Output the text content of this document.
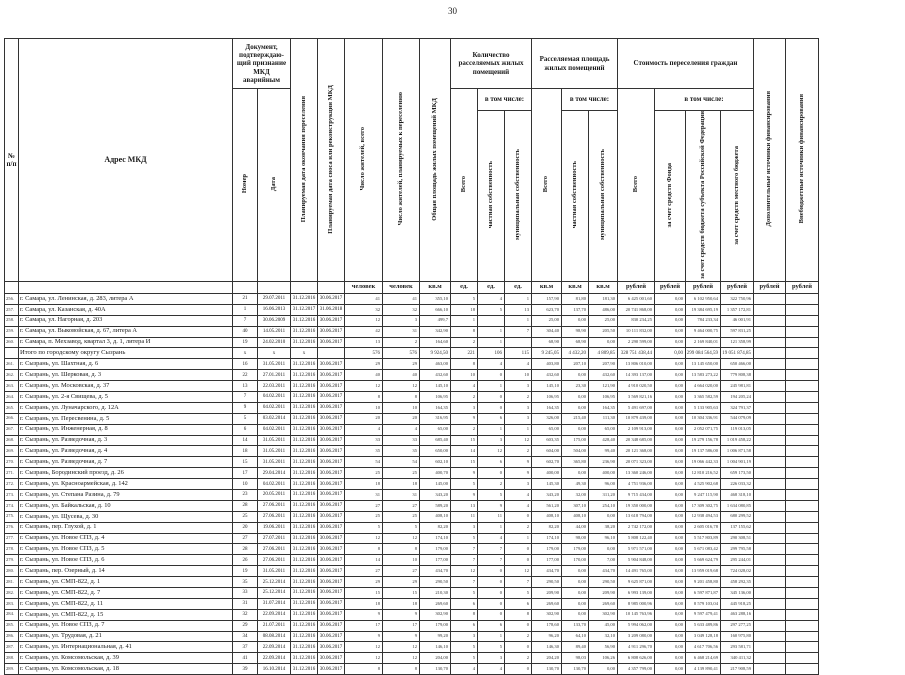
30
№ п/п	Адрес МКД	Документ, подтверждаю-щий признание МКД аварийным		Планируемая дата окончания переселения	Планируемая дата сноса или реконструкции МКД	Число жителей, всего	Число жителей, планируемых к переселению	Общая площадь жилых помещений МКД	Количество расселяемых жилых помещений			Расселяемая площадь жилых помещений			Стоимость переселения граждан				Дополнительные источники финансирования	Внебюджетные источники финансирования
		Номер	Дата						Всего	в том числе:		Всего	в том числе:		Всего	в том числе:				

										частная собственность	муниципальная собственность		частная собственность	муниципальная собственность		за счет средств Фонда	за счет средств бюджета субъекта Российской Федерации	за счет средств местного бюджета		
						человек	человек	кв.м	ед.	ед.	ед.	кв.м	кв.м	кв.м	рублей	рублей	рублей	рублей	рублей	рублей
256.	г. Самара, ул. Ленинская, д. 283, литера А	21	29.07.2011	31.12.2016	30.06.2017	41	41	355,10	5	4	1	157,90	81,80	181,30	6 425 001,60	0,00	6 102 950,64	322 750,96		
257.	г. Самара, ул. Казанская, д. 40А	1	16.06.2013	31.12.2017	31.06.2018	32	32	666,10	18	5	13	623,70	137,70	486,00	20 741 868,00	0,00	19 384 695,19	1 357 172,81		
258.	г. Самара, ул. Нагорная, д. 203	7	30.06.2009	31.12.2016	30.06.2017	12	3	499,7	1		1	25,00	0,00	25,00	830 234,25	0,00	784 233,34	46 001,91		
259.	г. Самара, ул. Выковойская, д. 67, литера А	40	14.05.2011	31.12.2016	30.06.2017	42	31	342,90	8	1	7	304,40	98,90	205,50	10 111 832,00	0,00	9 464 000,75	597 831,25		
260.	г. Самара, п. Мехзавод, квартал 3, д. 1, литера И	19	24.02.2010	31.12.2016	30.06.2017	13	2	164,60	2	1		68,90	68,90	0,00	2 290 599,00	0,00	2 169 840,01	121 358,99		
	Итого по городскому округу Сызрань	x	x	x		576	576	9 924,50	221	106	115	9 245,05	4 432,20	4 809,85	328 751 438,44	0,00	299 084 564,59	19 051 874,85		
261.	г. Сызрань, ул. Шахтная, д. 6	16	31.05.2011	31.12.2016	30.06.2017	29	29	463,00	8	4	4	403,80	207,10	207,90	13 806 010,00	0,00	13 145 650,00	650 466,00		
262.	г. Сызрань, ул. Шерковая, д. 3	22	27.01.2011	31.12.2016	30.06.2017	40	40	432,60	10	0	10	432,60	0,00	432,60	14 393 137,00	0,00	13 583 273,22	779 808,38		
263.	г. Сызрань, ул. Московская, д. 37	13	22.03.2011	31.12.2016	30.06.2017	12	12	145,10	4	1	3	145,10	23,30	121,90	4 910 020,50	0,00	4 664 020,00	245 981,81		
264.	г. Сызрань, ул. 2-я Свищева, д. 5	7	04.02.2011	31.12.2016	30.06.2017	8	8	106,95	2	0	2	106,95	0,00	106,95	3 569 821,16	0,00	3 365 582,59	194 205,24		
265.	г. Сызрань, ул. Луначарского, д. 12А	9	04.02.2011	31.12.2016	30.06.2017	10	10	164,35	3	0	3	164,35	0,00	164,35	5 491 697,00	0,00	5 133 905,63	324 791,37		
266.	г. Сызрань, ул. Пересвенина, д. 5	5	03.02.2014	31.12.2016	30.06.2017	20	20	316,95	9	6	3	326,00	215,40	111,30	10 879 439,00	0,00	10 304 336,91	544 079,09		
267.	г. Сызрань, ул. Инженерная, д. 8	6	04.02.2011	31.12.2016	30.06.2017	4	4	65,00	2	1	1	65,00	0,00	65,00	2 109 913,00	0,00	2 052 071,75	119 013,05		
268.	г. Сызрань, ул. Разведочная, д. 3	14	31.05.2011	31.12.2016	30.06.2017	33	33	685,40	15	3	12	603,35	175,00	428,40	20 348 685,00	0,00	19 279 156,78	1 019 458,22		
269.	г. Сызрань, ул. Разведочная, д. 4	18	31.05.2011	31.12.2016	30.06.2017	35	35	650,00	14	12	2	604,00	504,00	99,40	20 121 368,00	0,00	19 137 586,00	1 006 871,58		
270.	г. Сызрань, ул. Разведочная, д. 7	15	31.05.2011	31.12.2016	30.06.2017	54	54	602,10	15	6	9	602,70	365,80	236,90	20 071 323,00	0,00	19 066 442,33	1 004 901,19		
271.	г. Сызрань, Бородинский проезд, д. 26	17	29.04.2014	31.12.2016	30.06.2017	25	25	400,70	9	0	9	400,00	0,00	400,00	13 360 246,00	0,00	12 810 216,52	659 173,50		
272.	г. Сызрань, ул. Красноармейская, д. 142	10	04.02.2011	31.12.2016	30.06.2017	18	18	145,00	5	2	3	145,30	49,30	96,00	4 751 936,00	0,00	4 525 902,68	226 033,32		
273.	г. Сызрань, ул. Степана Разина, д. 79	23	20.05.2011	31.12.2016	30.06.2017	31	31	343,20	9	5	4	343,20	32,00	311,20	9 715 434,00	0,00	9 247 115,90	468 318,10		
274.	г. Сызрань, ул. Байкальская, д. 10	28	27.06.2011	31.12.2016	30.06.2017	27	27	589,20	13	9	4	561,20	307,10	254,10	19 350 000,00	0,00	17 309 302,75	1 634 080,85		
275.	г. Сызрань, ул. Щусева, д. 30	25	27.06.2011	31.12.2016	30.06.2017	25	25	408,10	11	11	0	408,10	408,10	0,00	13 618 794,00	0,00	12 938 494,53	680 299,52		
276.	г. Сызрань, пер. Глухой, д. 1	20	19.06.2011	31.12.2016	30.06.2017	5	5	82,20	3	1	2	82,20	44,00	38,20	2 742 172,00	0,00	2 605 016,78	137 155,62		
277.	г. Сызрань, ул. Новое СПЗ, д. 4	27	27.07.2011	31.12.2016	30.06.2017	12	12	174,10	5	4	1	174,10	98,00	96,10	5 808 122,40	0,00	5 517 803,89	290 308,51		
278.	г. Сызрань, ул. Новое СПЗ, д. 5	28	27.06.2011	31.12.2016	30.06.2017	8	8	179,00	7	7	0	179,00	179,00	0,00	5 971 571,00	0,00	5 671 083,42	299 795,58		
279.	г. Сызрань, ул. Новое СПЗ, д. 6	26	27.06.2011	31.12.2016	30.06.2017	14	10	177,00	7	7	0	177,00	170,00	7,00	5 904 848,00	0,00	5 669 624,79	295 244,01		
280.	г. Сызрань, пер. Озерный, д. 14	19	31.05.2011	31.12.2016	30.06.2017	27	27	434,70	12	0	12	434,70	0,00	434,70	14 491 765,00	0,00	13 959 019,68	724 028,02		
281.	г. Сызрань, ул. СМП-822, д. 1	35	25.12.2014	31.12.2016	30.06.2017	29	29	290,50	7	0	7	290,50	0,00	290,50	9 625 871,00	0,00	9 201 458,80	458 292,35		
282.	г. Сызрань, ул. СМП-822, д. 7	33	25.12.2014	31.12.2016	30.06.2017	15	15	210,30	5	0	5	209,90	0,00	209,90	6 993 139,00	0,00	6 597 871,87	345 136,00		
283.	г. Сызрань, ул. СМП-822, д. 11	31	31.07.2014	31.12.2016	30.06.2017	18	18	269,60	6	0	6	269,60	0,00	269,60	8 985 000,96	0,00	8 579 103,04	445 918,25		
284.	г. Сызрань, ул. СМП-822, д. 15	32	22.09.2014	31.12.2016	30.06.2017	9	9	302,90	8	0	8	302,90	0,00	302,90	10 145 763,96	0,00	9 597 479,41	463 288,16		
285.	г. Сызрань, ул. Новое СПЗ, д. 7	29	21.07.2011	31.12.2016	30.06.2017	17	17	179,00	6	6	0	178,60	133,70	45,00	5 994 062,00	0,00	5 633 489,86	297 277,25		
286.	г. Сызрань, ул. Трудовая, д. 21	34	08.08.2014	31.12.2016	30.06.2017	9	9	99,20	3	1	2	96,20	64,10	32,10	3 209 080,00	0,00	3 049 128,18	160 975,80		
287.	г. Сызрань, ул. Интернациональная, д. 41	37	22.09.2014	31.12.2016	30.06.2017	12	12	146,10	5	5	0	146,30	89,40	56,90	4 911 296,70	0,00	4 617 706,56	293 581,71		
288.	г. Сызрань, ул. Комсомольская, д. 39	41	22.09.2014	31.12.2016	30.06.2017	12	12	204,00	5	3	2	204,20	98,03	106,26	6 808 626,00	0,00	6 468 214,69	340 411,32		
289.	г. Сызрань, ул. Комсомольская, д. 18	39	16.10.2014	31.12.2016	30.06.2017	8	8	130,70	4	4	0	130,70	130,70	0,00	4 357 799,00	0,00	4 139 890,41	217 908,59		
